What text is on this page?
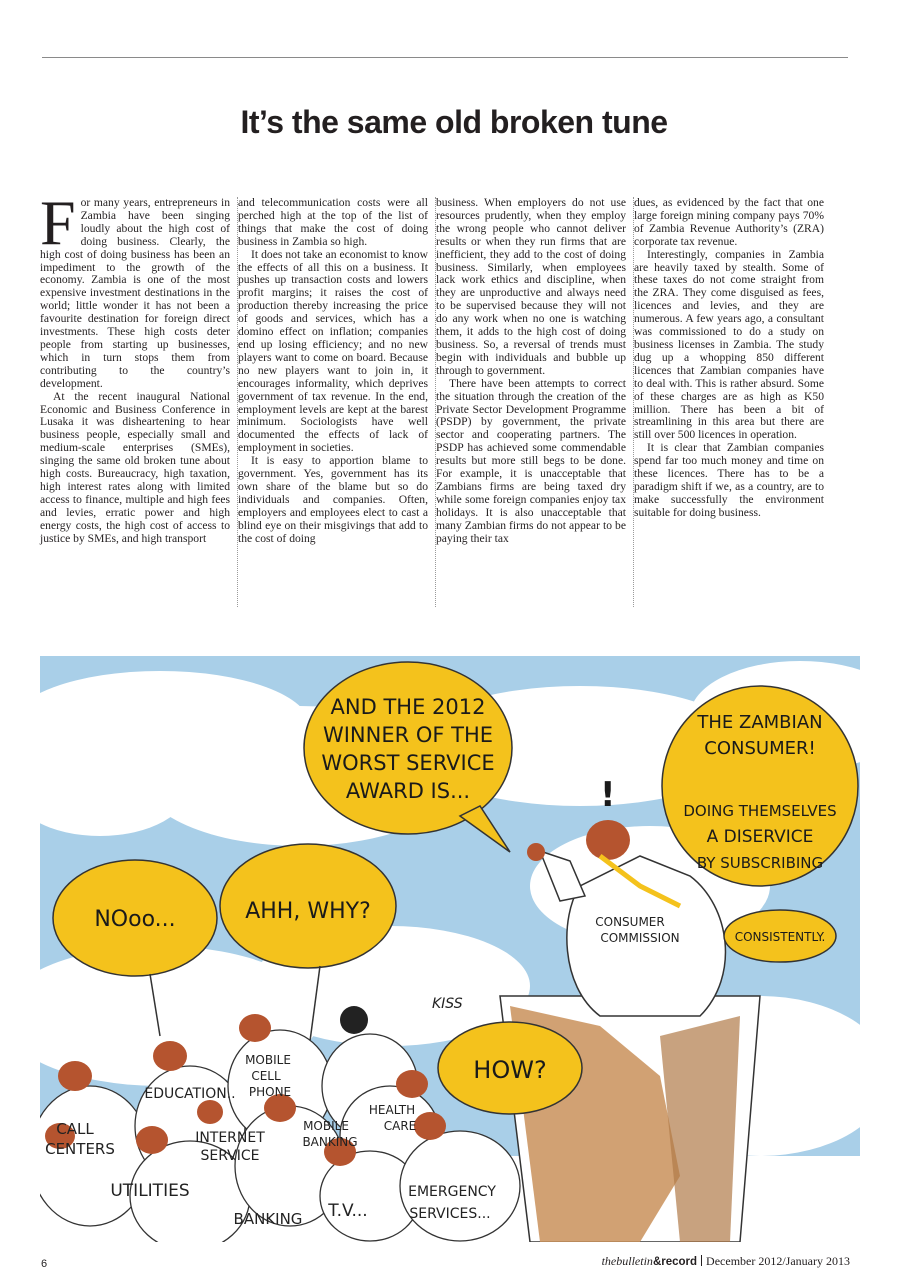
It’s the same old broken tune

For many years, entrepreneurs in Zambia have been singing loudly about the high cost of doing business. Clearly, the high cost of doing business has been an impediment to the growth of the economy. Zambia is one of the most expensive investment destinations in the world; little wonder it has not been a favourite destination for foreign direct investments. These high costs deter people from starting up businesses, which in turn stops them from contributing to the country’s development.

At the recent inaugural National Economic and Business Conference in Lusaka it was disheartening to hear business people, especially small and medium-scale enterprises (SMEs), singing the same old broken tune about high costs. Bureaucracy, high taxation, high interest rates along with limited access to finance, multiple and high fees and levies, erratic power and high energy costs, the high cost of access to justice by SMEs, and high transport

and telecommunication costs were all perched high at the top of the list of things that make the cost of doing business in Zambia so high.

It does not take an economist to know the effects of all this on a business. It pushes up transaction costs and lowers profit margins; it raises the cost of production thereby increasing the price of goods and services, which has a domino effect on inflation; companies end up losing efficiency; and no new players want to come on board. Because no new players want to join in, it encourages informality, which deprives government of tax revenue. In the end, employment levels are kept at the barest minimum. Sociologists have well documented the effects of lack of employment in societies.

It is easy to apportion blame to government. Yes, government has its own share of the blame but so do individuals and companies. Often, employers and employees elect to cast a blind eye on their misgivings that add to the cost of doing

business. When employers do not use resources prudently, when they employ the wrong people who cannot deliver results or when they run firms that are inefficient, they add to the cost of doing business. Similarly, when employees lack work ethics and discipline, when they are unproductive and always need to be supervised because they will not do any work when no one is watching them, it adds to the high cost of doing business. So, a reversal of trends must begin with individuals and bubble up through to government.

There have been attempts to correct the situation through the creation of the Private Sector Development Programme (PSDP) by government, the private sector and cooperating partners. The PSDP has achieved some commendable results but more still begs to be done. For example, it is unacceptable that Zambians firms are being taxed dry while some foreign companies enjoy tax holidays. It is also unacceptable that many Zambian firms do not appear to be paying their tax

dues, as evidenced by the fact that one large foreign mining company pays 70% of Zambia Revenue Authority’s (ZRA) corporate tax revenue.

Interestingly, companies in Zambia are heavily taxed by stealth. Some of these taxes do not come straight from the ZRA. They come disguised as fees, licences and levies, and they are numerous. A few years ago, a consultant was commissioned to do a study on business licenses in Zambia. The study dug up a whopping 850 different licences that Zambian companies have to deal with. This is rather absurd. Some of these charges are as high as K50 million. There has been a bit of streamlining in this area but there are still over 500 licences in operation.

It is clear that Zambian companies spend far too much money and time on these licences. There has to be a paradigm shift if we, as a country, are to make successfully the environment suitable for doing business.

AND THE 2012
WINNER OF THE
WORST SERVICE
AWARD IS...	!
THE ZAMBIAN
CONSUMER!
DOING THEMSELVES
A DISERVICE
BY SUBSCRIBING
CONSISTENTLY.
CONSUMER
COMMISSION
NOoo...	AHH, WHY?
HOW?
KISS
CALL
CENTERS
EDUCATION..
MOBILE
CELL
PHONE
HEALTH
CARE
INTERNET
SERVICE
MOBILE
BANKING
UTILITIES
BANKING T.V...
EMERGENCY
SERVICES...
6	thebulletin&record December 2012/January 2013
